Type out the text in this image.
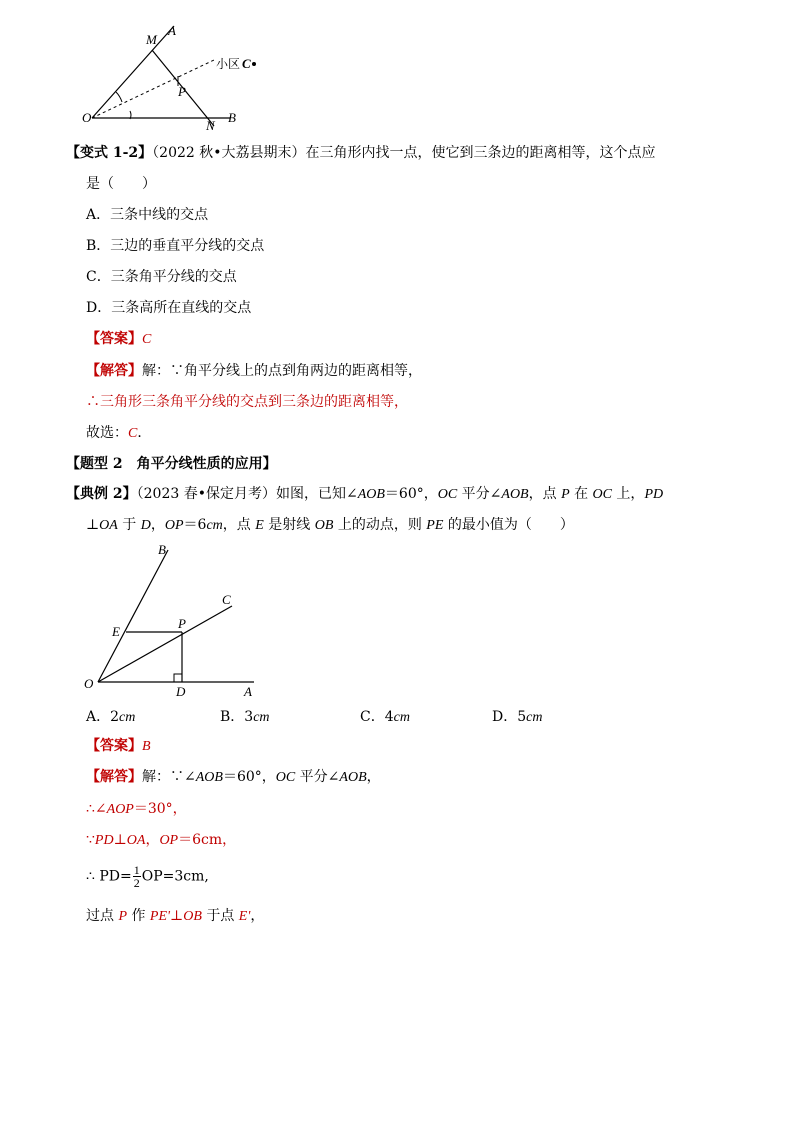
M
A
P
O
N
B
小区 C
【变式 1-2】（2022 秋•大荔县期末）在三角形内找一点，使它到三条边的距离相等，这个点应
是（　　）
A．三条中线的交点
B．三边的垂直平分线的交点
C．三条角平分线的交点
D．三条高所在直线的交点
【答案】C
【解答】解：∵角平分线上的点到角两边的距离相等，
∴三角形三条角平分线的交点到三条边的距离相等，
故选：C．
【题型 2　角平分线性质的应用】
【典例 2】（2023 春•保定月考）如图，已知∠AOB＝60°，OC 平分∠AOB，点 P 在 OC 上，PD
⊥OA 于 D，OP＝6cm，点 E 是射线 OB 上的动点，则 PE 的最小值为（　　）
B
C
E
P
O
D	A
A．2cm	B．3cm	C．4cm	D．5cm
【答案】B
【解答】解：∵∠AOB＝60°，OC 平分∠AOB，
∴∠AOP＝30°，
∵PD⊥OA，OP＝6cm，
∴ $PD= \frac{1}{2} OP=3cm$,
过点 P 作 PE'⊥OB 于点 E'，
